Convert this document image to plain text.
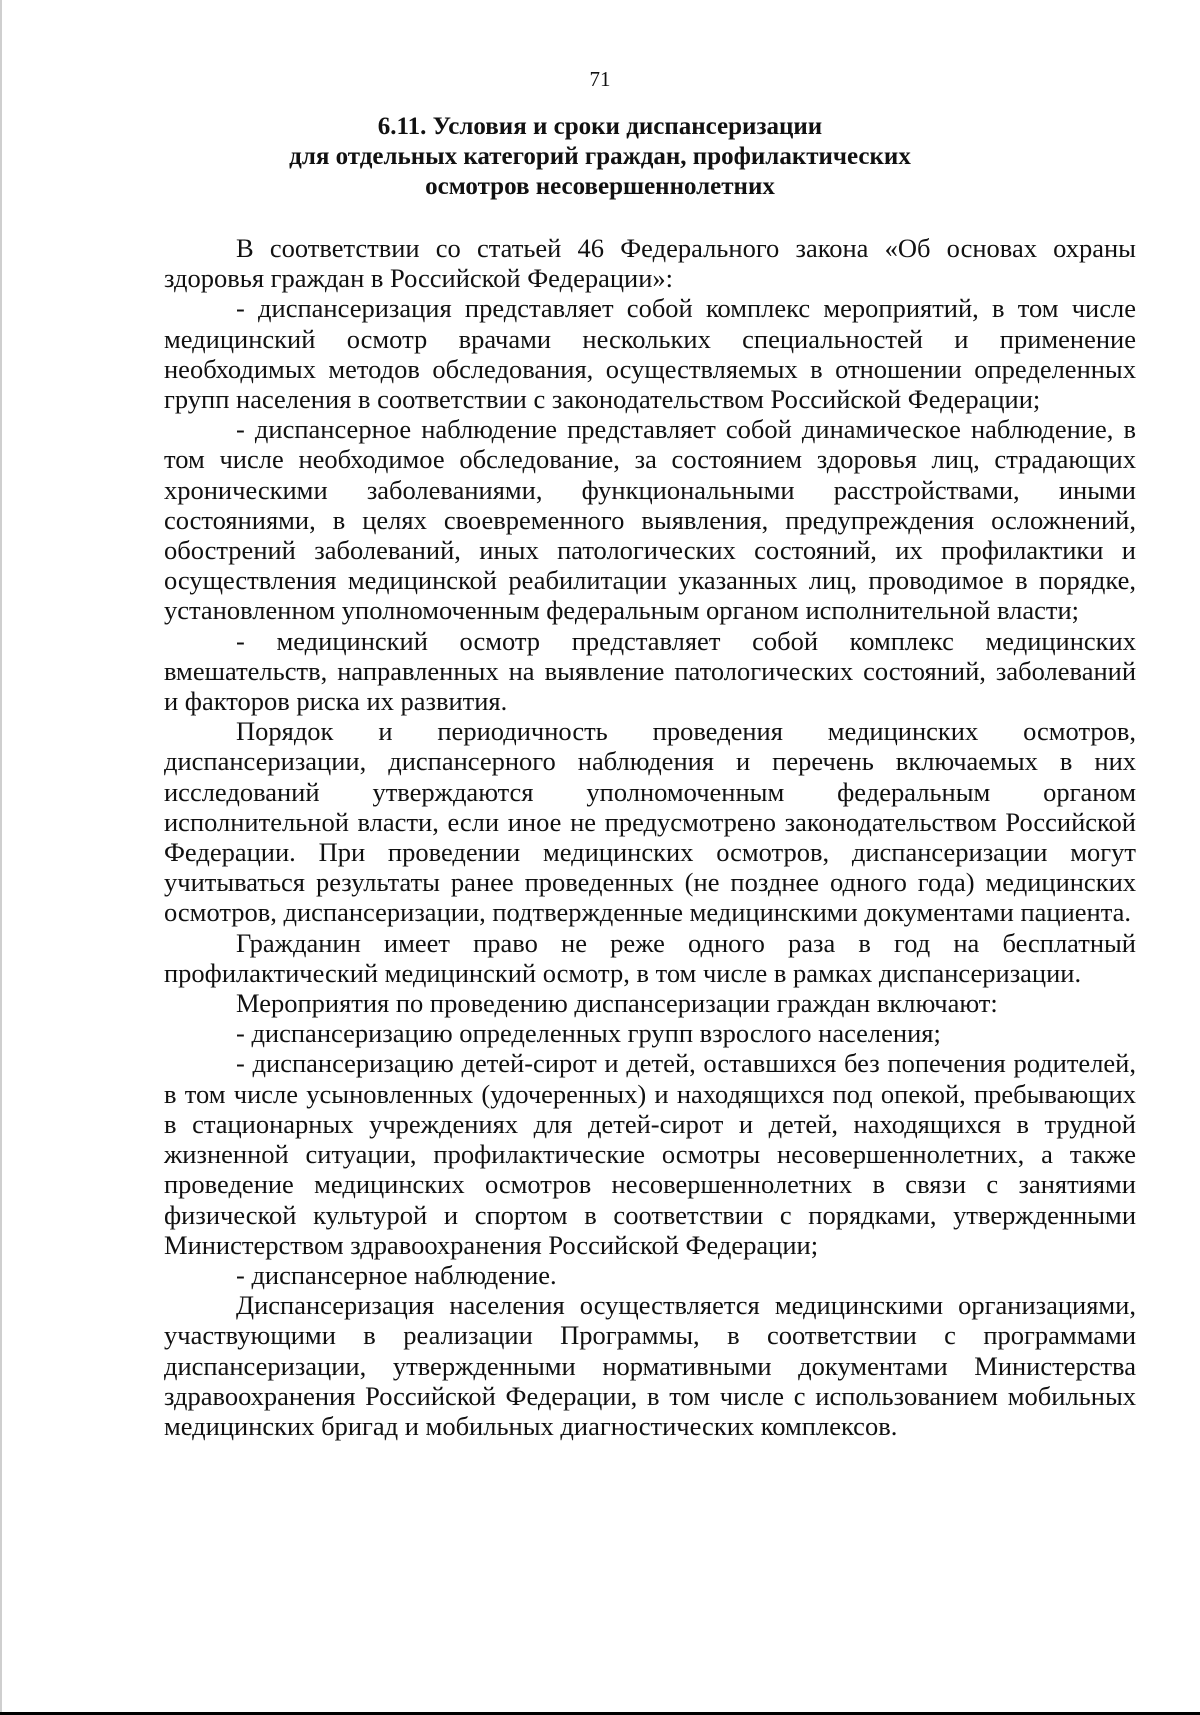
71
6.11. Условия и сроки диспансеризации
для отдельных категорий граждан, профилактических
осмотров несовершеннолетних

В соответствии со статьей 46 Федерального закона «Об основах охраны здоровья граждан в Российской Федерации»:

- диспансеризация представляет собой комплекс мероприятий, в том числе медицинский осмотр врачами нескольких специальностей и применение необходимых методов обследования, осуществляемых в отношении определенных групп населения в соответствии с законодательством Российской Федерации;

- диспансерное наблюдение представляет собой динамическое наблюдение, в том числе необходимое обследование, за состоянием здоровья лиц, страдающих хроническими заболеваниями, функциональными расстройствами, иными состояниями, в целях своевременного выявления, предупреждения осложнений, обострений заболеваний, иных патологических состояний, их профилактики и осуществления медицинской реабилитации указанных лиц, проводимое в порядке, установленном уполномоченным федеральным органом исполнительной власти;

- медицинский осмотр представляет собой комплекс медицинских вмешательств, направленных на выявление патологических состояний, заболеваний и факторов риска их развития.

Порядок и периодичность проведения медицинских осмотров, диспансеризации, диспансерного наблюдения и перечень включаемых в них исследований утверждаются уполномоченным федеральным органом исполнительной власти, если иное не предусмотрено законодательством Российской Федерации. При проведении медицинских осмотров, диспансеризации могут учитываться результаты ранее проведенных (не позднее одного года) медицинских осмотров, диспансеризации, подтвержденные медицинскими документами пациента.

Гражданин имеет право не реже одного раза в год на бесплатный профилактический медицинский осмотр, в том числе в рамках диспансеризации.

Мероприятия по проведению диспансеризации граждан включают:

- диспансеризацию определенных групп взрослого населения;

- диспансеризацию детей-сирот и детей, оставшихся без попечения родителей, в том числе усыновленных (удочеренных) и находящихся под опекой, пребывающих в стационарных учреждениях для детей-сирот и детей, находящихся в трудной жизненной ситуации, профилактические осмотры несовершеннолетних, а также проведение медицинских осмотров несовершеннолетних в связи с занятиями физической культурой и спортом в соответствии с порядками, утвержденными Министерством здравоохранения Российской Федерации;

- диспансерное наблюдение.

Диспансеризация населения осуществляется медицинскими организациями, участвующими в реализации Программы, в соответствии с программами диспансеризации, утвержденными нормативными документами Министерства здравоохранения Российской Федерации, в том числе с использованием мобильных медицинских бригад и мобильных диагностических комплексов.
